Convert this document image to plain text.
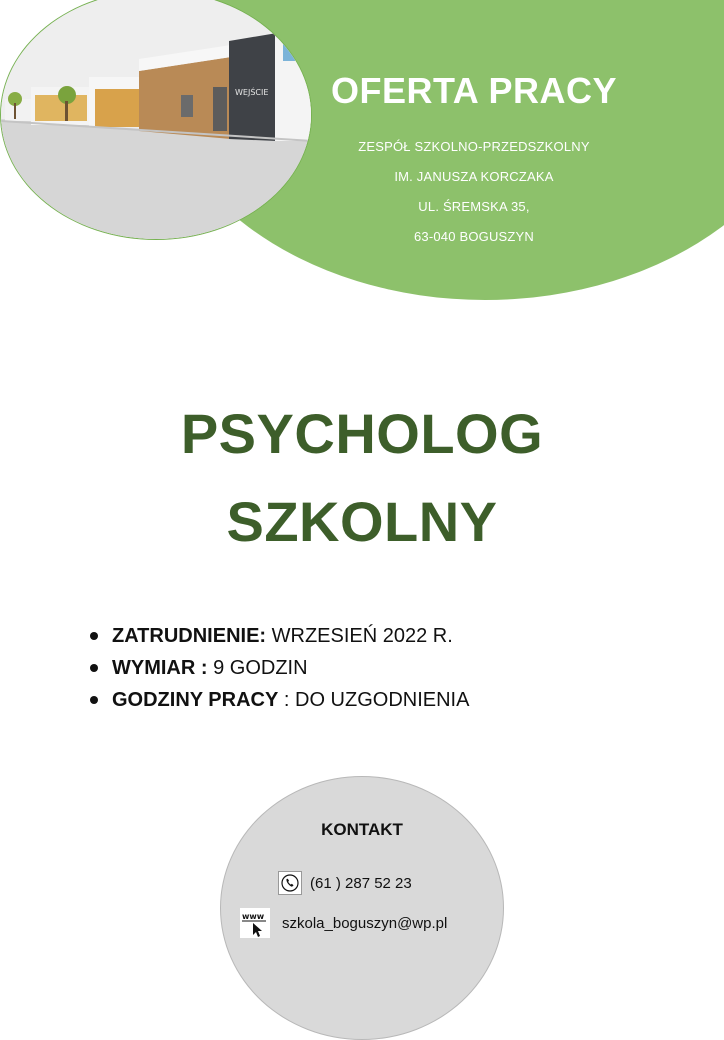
WEJŚCIE	OFERTA PRACY
ZESPÓŁ SZKOLNO-PRZEDSZKOLNY
IM. JANUSZA KORCZAKA
UL. ŚREMSKA 35,
63-040 BOGUSZYN
PSYCHOLOG
SZKOLNY
ZATRUDNIENIE: WRZESIEŃ 2022 R.
WYMIAR : 9 GODZIN
GODZINY PRACY : DO UZGODNIENIA
KONTAKT
(61 ) 287 52 23
www szkola_boguszyn@wp.pl
